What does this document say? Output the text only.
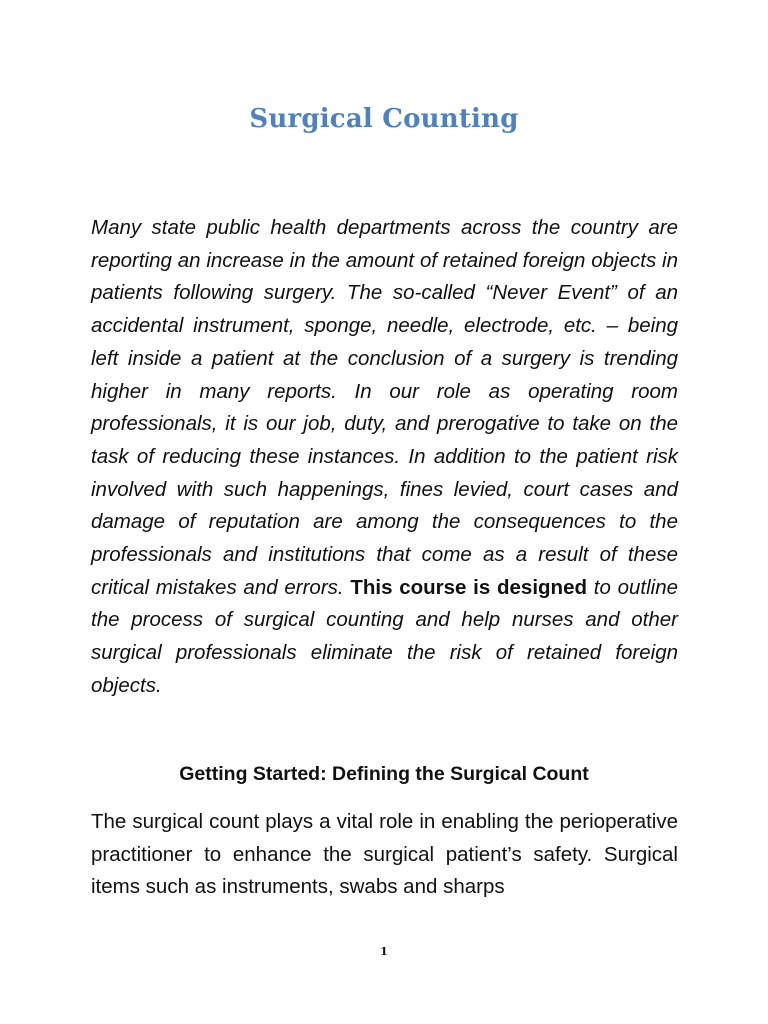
Surgical Counting

Many state public health departments across the country are reporting an increase in the amount of retained foreign objects in patients following surgery. The so-called “Never Event” of an accidental instrument, sponge, needle, electrode, etc. – being left inside a patient at the conclusion of a surgery is trending higher in many reports. In our role as operating room professionals, it is our job, duty, and prerogative to take on the task of reducing these instances. In addition to the patient risk involved with such happenings, fines levied, court cases and damage of reputation are among the consequences to the professionals and institutions that come as a result of these critical mistakes and errors. This course is designed to outline the process of surgical counting and help nurses and other surgical professionals eliminate the risk of retained foreign objects.

Getting Started: Defining the Surgical Count

The surgical count plays a vital role in enabling the perioperative practitioner to enhance the surgical patient’s safety. Surgical items such as instruments, swabs and sharps

1
